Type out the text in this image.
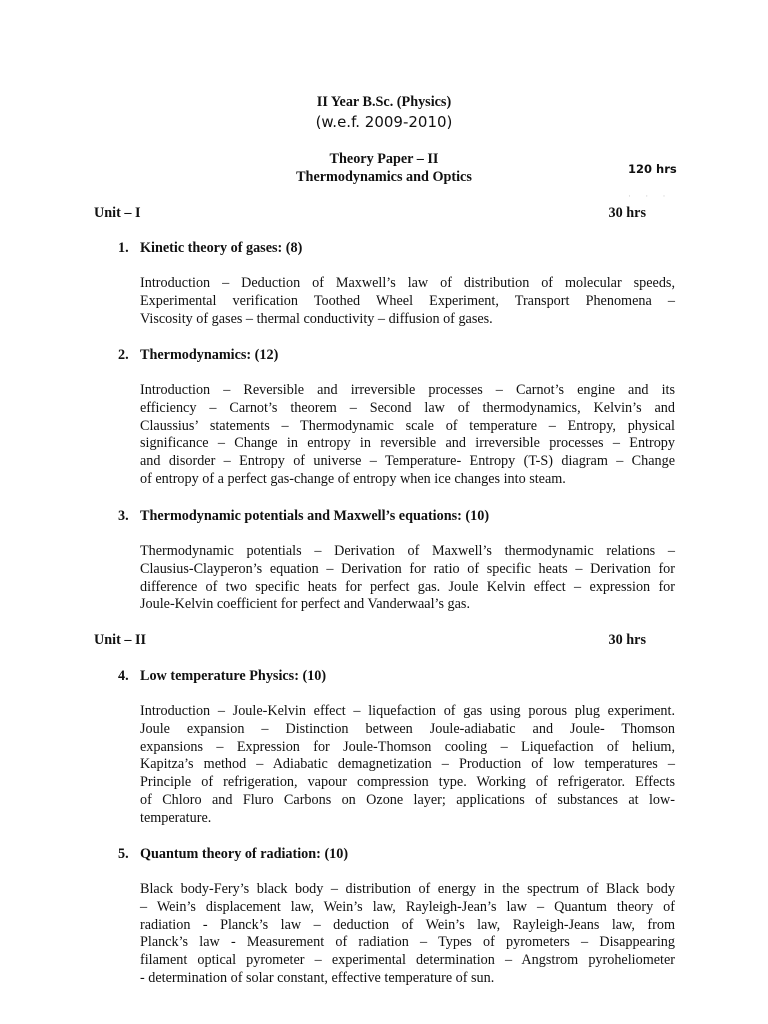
II Year B.Sc. (Physics)
(w.e.f. 2009-2010)
Theory Paper – II
Thermodynamics and Optics	120 hrs
· · ·
Unit – I	30 hrs
1. Kinetic theory of gases: (8)
Introduction – Deduction of Maxwell’s law of distribution of molecular speeds,
Experimental verification Toothed Wheel Experiment, Transport Phenomena –
Viscosity of gases – thermal conductivity – diffusion of gases.
2. Thermodynamics: (12)
Introduction – Reversible and irreversible processes – Carnot’s engine and its
efficiency – Carnot’s theorem – Second law of thermodynamics, Kelvin’s and
Claussius’ statements – Thermodynamic scale of temperature – Entropy, physical
significance – Change in entropy in reversible and irreversible processes – Entropy
and disorder – Entropy of universe – Temperature- Entropy (T-S) diagram – Change
of entropy of a perfect gas-change of entropy when ice changes into steam.
3. Thermodynamic potentials and Maxwell’s equations: (10)
Thermodynamic potentials – Derivation of Maxwell’s thermodynamic relations –
Clausius-Clayperon’s equation – Derivation for ratio of specific heats – Derivation for
difference of two specific heats for perfect gas. Joule Kelvin effect – expression for
Joule-Kelvin coefficient for perfect and Vanderwaal’s gas.
Unit – II	30 hrs
4. Low temperature Physics: (10)
Introduction – Joule-Kelvin effect – liquefaction of gas using porous plug experiment.
Joule expansion – Distinction between Joule-adiabatic and Joule- Thomson
expansions – Expression for Joule-Thomson cooling – Liquefaction of helium,
Kapitza’s method – Adiabatic demagnetization – Production of low temperatures –
Principle of refrigeration, vapour compression type. Working of refrigerator. Effects
of Chloro and Fluro Carbons on Ozone layer; applications of substances at low-
temperature.
5. Quantum theory of radiation: (10)
Black body-Fery’s black body – distribution of energy in the spectrum of Black body
– Wein’s displacement law, Wein’s law, Rayleigh-Jean’s law – Quantum theory of
radiation - Planck’s law – deduction of Wein’s law, Rayleigh-Jeans law, from
Planck’s law - Measurement of radiation – Types of pyrometers – Disappearing
filament optical pyrometer – experimental determination – Angstrom pyroheliometer
- determination of solar constant, effective temperature of sun.
